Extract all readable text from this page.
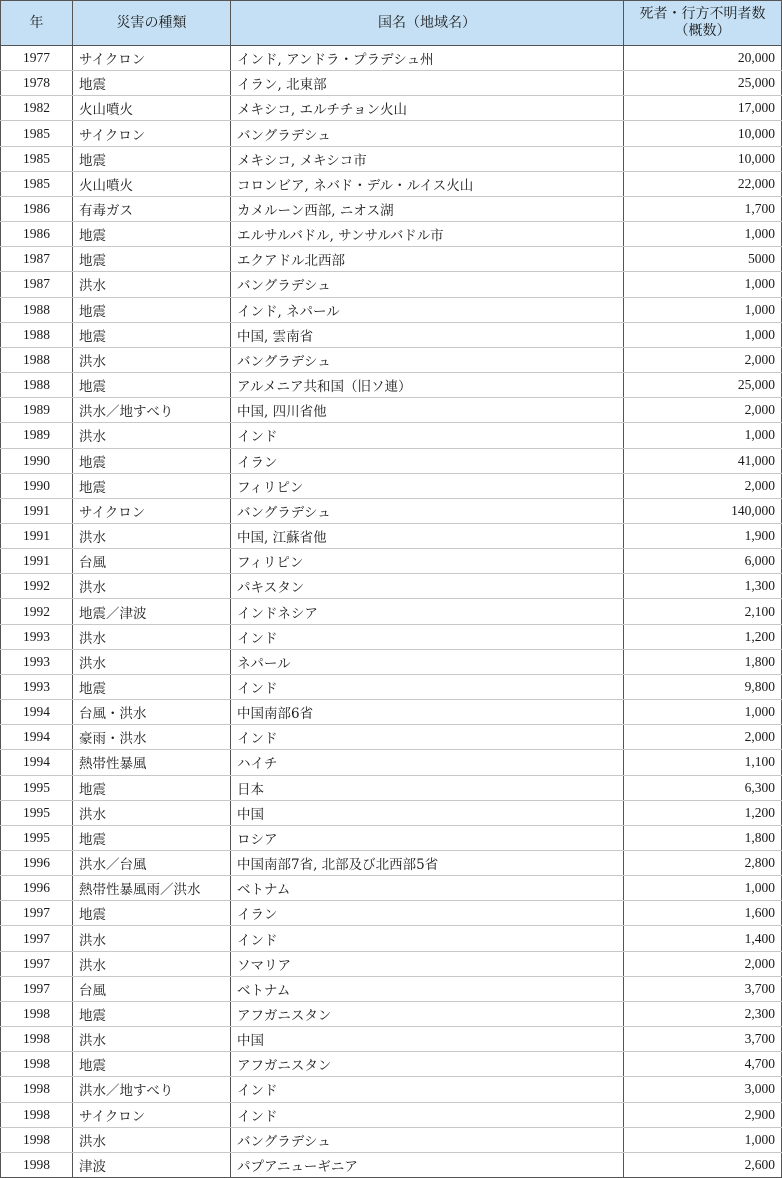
年	災害の種類	国名（地域名）	死者・行方不明者数
（概数）

1977	サイクロン	インド, アンドラ・プラデシュ州	20,000
1978	地震	イラン, 北東部	25,000
1982	火山噴火	メキシコ, エルチチョン火山	17,000
1985	サイクロン	バングラデシュ	10,000
1985	地震	メキシコ, メキシコ市	10,000
1985	火山噴火	コロンビア, ネバド・デル・ルイス火山	22,000
1986	有毒ガス	カメルーン西部, ニオス湖	1,700
1986	地震	エルサルバドル, サンサルバドル市	1,000
1987	地震	エクアドル北西部	5000
1987	洪水	バングラデシュ	1,000
1988	地震	インド, ネパール	1,000
1988	地震	中国, 雲南省	1,000
1988	洪水	バングラデシュ	2,000
1988	地震	アルメニア共和国（旧ソ連）	25,000
1989	洪水／地すべり	中国, 四川省他	2,000
1989	洪水	インド	1,000
1990	地震	イラン	41,000
1990	地震	フィリピン	2,000
1991	サイクロン	バングラデシュ	140,000
1991	洪水	中国, 江蘇省他	1,900
1991	台風	フィリピン	6,000
1992	洪水	パキスタン	1,300
1992	地震／津波	インドネシア	2,100
1993	洪水	インド	1,200
1993	洪水	ネパール	1,800
1993	地震	インド	9,800
1994	台風・洪水	中国南部6省	1,000
1994	豪雨・洪水	インド	2,000
1994	熱帯性暴風	ハイチ	1,100
1995	地震	日本	6,300
1995	洪水	中国	1,200
1995	地震	ロシア	1,800
1996	洪水／台風	中国南部7省, 北部及び北西部5省	2,800
1996	熱帯性暴風雨／洪水	ベトナム	1,000
1997	地震	イラン	1,600
1997	洪水	インド	1,400
1997	洪水	ソマリア	2,000
1997	台風	ベトナム	3,700
1998	地震	アフガニスタン	2,300
1998	洪水	中国	3,700
1998	地震	アフガニスタン	4,700
1998	洪水／地すべり	インド	3,000
1998	サイクロン	インド	2,900
1998	洪水	バングラデシュ	1,000
1998	津波	パプアニューギニア	2,600
